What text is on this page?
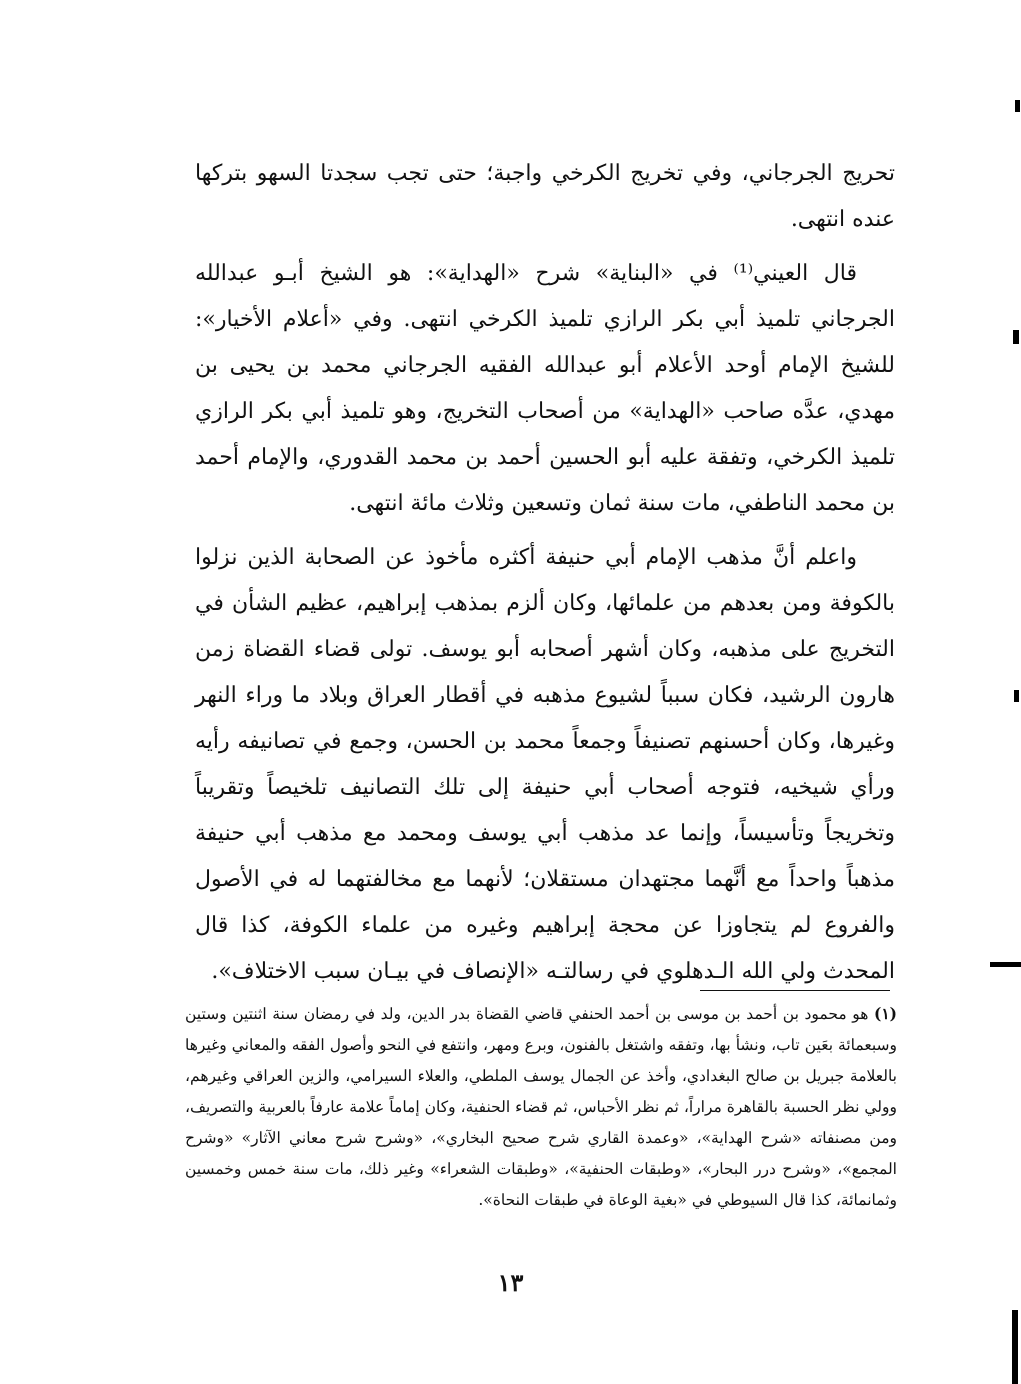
تحريج الجرجاني، وفي تخريج الكرخي واجبة؛ حتى تجب سجدتا السهو بتركها عنده انتهى.

قال العيني⁽¹⁾ في «البناية» شرح «الهداية»: هو الشيخ أبـو عبدالله الجرجاني تلميذ أبي بكر الرازي تلميذ الكرخي انتهى. وفي «أعلام الأخيار»: للشيخ الإمام أوحد الأعلام أبو عبدالله الفقيه الجرجاني محمد بن يحيى بن مهدي، عدَّه صاحب «الهداية» من أصحاب التخريج، وهو تلميذ أبي بكر الرازي تلميذ الكرخي، وتفقة عليه أبو الحسين أحمد بن محمد القدوري، والإمام أحمد بن محمد الناطفي، مات سنة ثمان وتسعين وثلاث مائة انتهى.

واعلم أنَّ مذهب الإمام أبي حنيفة أكثره مأخوذ عن الصحابة الذين نزلوا بالكوفة ومن بعدهم من علمائها، وكان ألزم بمذهب إبراهيم، عظيم الشأن في التخريج على مذهبه، وكان أشهر أصحابه أبو يوسف. تولى قضاء القضاة زمن هارون الرشيد، فكان سبباً لشيوع مذهبه في أقطار العراق وبلاد ما وراء النهر وغيرها، وكان أحسنهم تصنيفاً وجمعاً محمد بن الحسن، وجمع في تصانيفه رأيه ورأي شيخيه، فتوجه أصحاب أبي حنيفة إلى تلك التصانيف تلخيصاً وتقريباً وتخريجاً وتأسيساً، وإنما عد مذهب أبي يوسف ومحمد مع مذهب أبي حنيفة مذهباً واحداً مع أنَّهما مجتهدان مستقلان؛ لأنهما مع مخالفتهما له في الأصول والفروع لم يتجاوزا عن محجة إبراهيم وغيره من علماء الكوفة، كذا قال المحدث ولي الله الـدهلوي في رسالتـه «الإنصاف في بيـان سبب الاختلاف».

(١) هو محمود بن أحمد بن موسى بن أحمد الحنفي قاضي القضاة بدر الدين، ولد في رمضان سنة اثنتين وستين وسبعمائة بعَين تاب، ونشأ بها، وتفقه واشتغل بالفنون، وبرع ومهر، وانتفع في النحو وأصول الفقه والمعاني وغيرها بالعلامة جبريل بن صالح البغدادي، وأخذ عن الجمال يوسف الملطي، والعلاء السيرامي، والزين العراقي وغيرهم، وولي نظر الحسبة بالقاهرة مراراً، ثم نظر الأحباس، ثم قضاء الحنفية، وكان إماماً علامة عارفاً بالعربية والتصريف، ومن مصنفاته «شرح الهداية»، «وعمدة القاري شرح صحيح البخاري»، «وشرح شرح معاني الآثار» «وشرح المجمع»، «وشرح درر البحار»، «وطبقات الحنفية»، «وطبقات الشعراء» وغير ذلك، مات سنة خمس وخمسين وثمانمائة، كذا قال السيوطي في «بغية الوعاة في طبقات النحاة».
١٣
